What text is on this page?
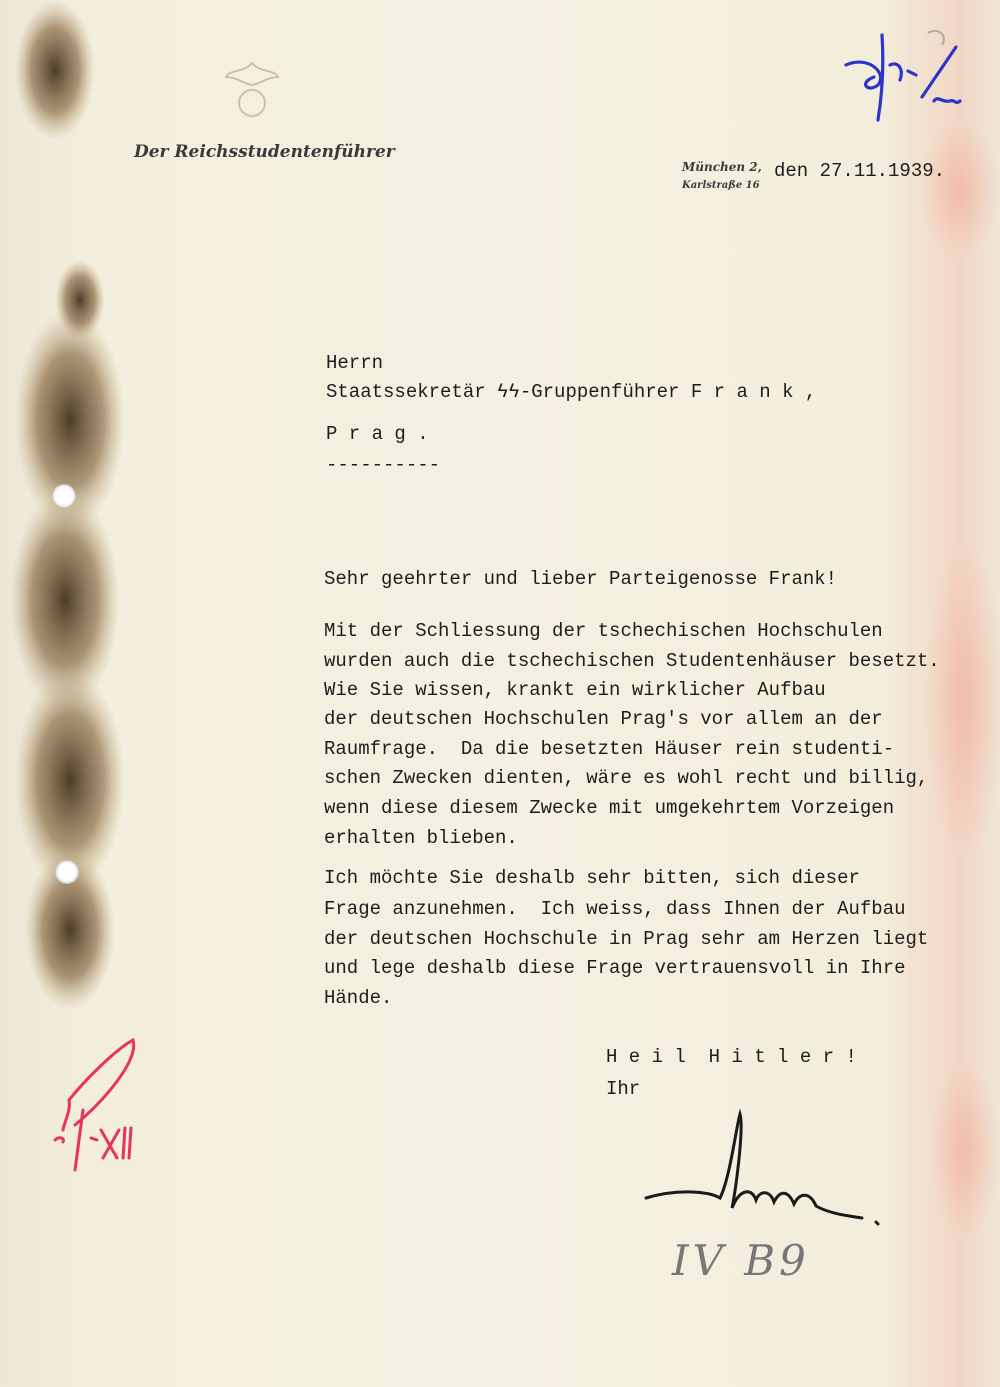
Der Reichsstudentenführer
München 2,
Karlstraße 16
den 27.11.1939.
Herrn
Staatssekretär ϟϟ-Gruppenführer F r a n k ,
P r a g .
----------
Sehr geehrter und lieber Parteigenosse Frank!
Mit der Schliessung der tschechischen Hochschulen
wurden auch die tschechischen Studentenhäuser besetzt.
Wie Sie wissen, krankt ein wirklicher Aufbau
der deutschen Hochschulen Prag's vor allem an der
Raumfrage.  Da die besetzten Häuser rein studenti-
schen Zwecken dienten, wäre es wohl recht und billig,
wenn diese diesem Zwecke mit umgekehrtem Vorzeigen
erhalten blieben.
Ich möchte Sie deshalb sehr bitten, sich dieser
Frage anzunehmen.  Ich weiss, dass Ihnen der Aufbau
der deutschen Hochschule in Prag sehr am Herzen liegt
und lege deshalb diese Frage vertrauensvoll in Ihre
Hände.
H e i l  H i t l e r !
Ihr
IV B9
